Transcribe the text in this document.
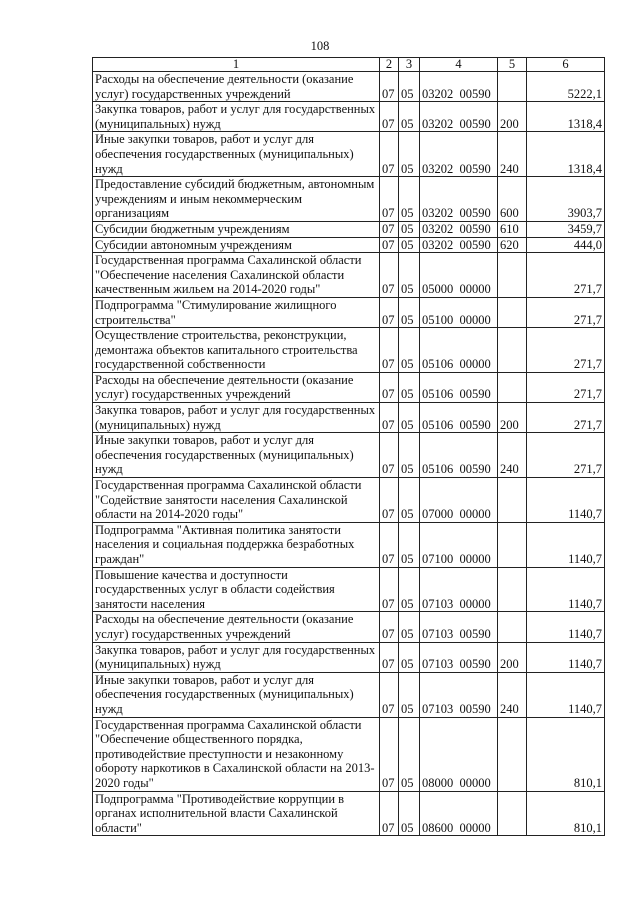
108
1	2	3	4	5	6
Расходы на обеспечение деятельности (оказание услуг) государственных учреждений	07	05	03202  00590		5222,1
Закупка товаров, работ и услуг для государственных (муниципальных) нужд	07	05	03202  00590	200	1318,4
Иные закупки товаров, работ и услуг для обеспечения государственных (муниципальных) нужд	07	05	03202  00590	240	1318,4
Предоставление субсидий бюджетным, автономным учреждениям и иным некоммерческим организациям	07	05	03202  00590	600	3903,7
Субсидии бюджетным учреждениям	07	05	03202  00590	610	3459,7
Субсидии автономным учреждениям	07	05	03202  00590	620	444,0
Государственная программа Сахалинской области "Обеспечение населения Сахалинской области качественным жильем на 2014-2020 годы"	07	05	05000  00000		271,7
Подпрограмма "Стимулирование жилищного строительства"	07	05	05100  00000		271,7
Осуществление строительства, реконструкции, демонтажа объектов капитального строительства государственной собственности	07	05	05106  00000		271,7
Расходы на обеспечение деятельности (оказание услуг) государственных учреждений	07	05	05106  00590		271,7
Закупка товаров, работ и услуг для государственных (муниципальных) нужд	07	05	05106  00590	200	271,7
Иные закупки товаров, работ и услуг для обеспечения государственных (муниципальных) нужд	07	05	05106  00590	240	271,7
Государственная программа Сахалинской области "Содействие занятости населения Сахалинской области на 2014-2020 годы"	07	05	07000  00000		1140,7
Подпрограмма "Активная политика занятости населения и социальная поддержка безработных граждан"	07	05	07100  00000		1140,7
Повышение качества и доступности государственных услуг в области содействия занятости населения	07	05	07103  00000		1140,7
Расходы на обеспечение деятельности (оказание услуг) государственных учреждений	07	05	07103  00590		1140,7
Закупка товаров, работ и услуг для государственных (муниципальных) нужд	07	05	07103  00590	200	1140,7
Иные закупки товаров, работ и услуг для обеспечения государственных (муниципальных) нужд	07	05	07103  00590	240	1140,7
Государственная программа Сахалинской области "Обеспечение общественного порядка, противодействие преступности и незаконному обороту наркотиков в Сахалинской области на 2013-2020 годы"	07	05	08000  00000		810,1
Подпрограмма "Противодействие коррупции в органах исполнительной власти Сахалинской области"	07	05	08600  00000		810,1
